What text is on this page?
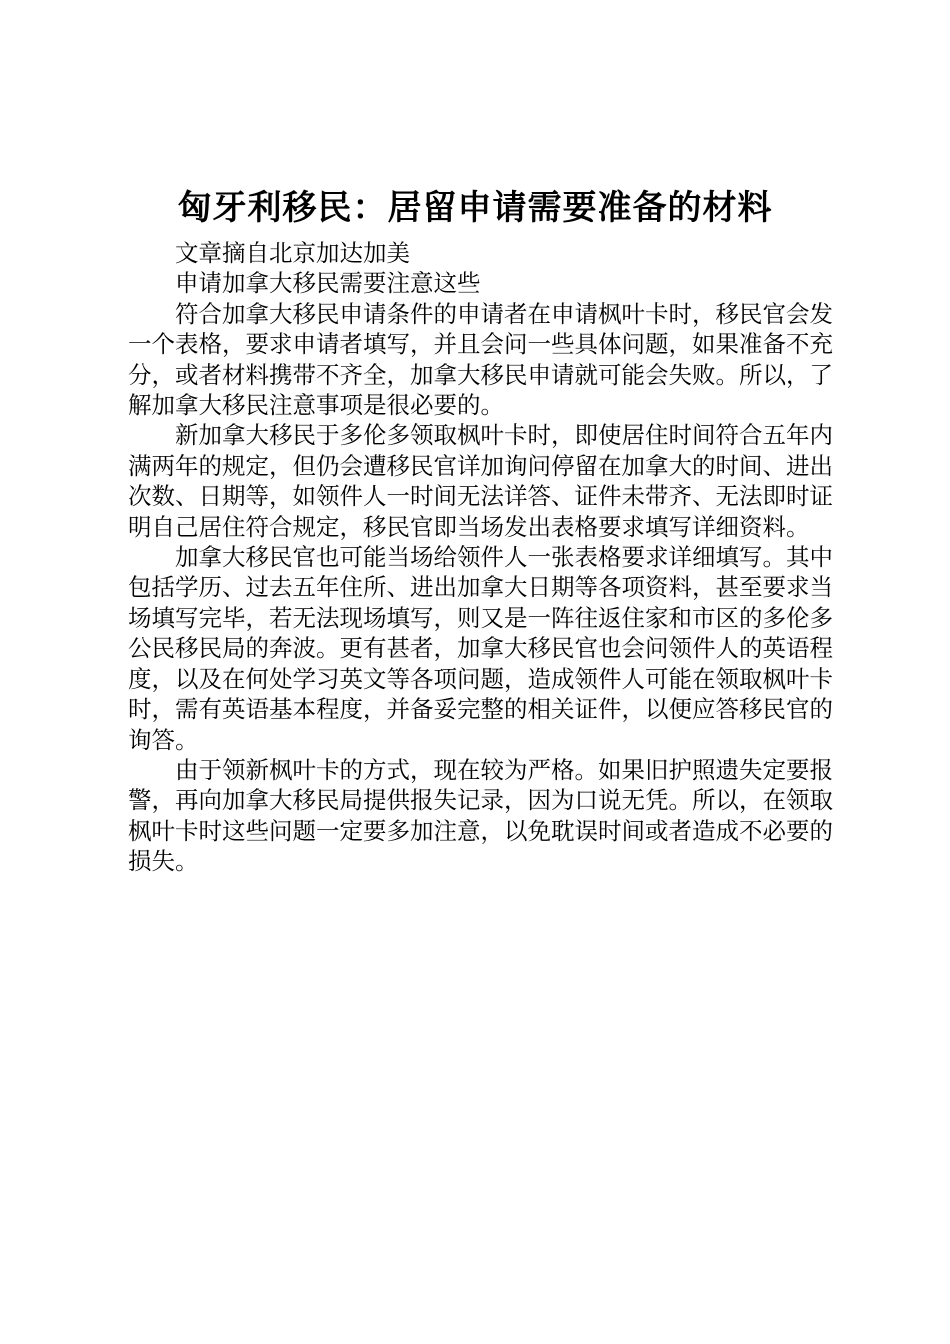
匈牙利移民：居留申请需要准备的材料

文章摘自北京加达加美

申请加拿大移民需要注意这些

符合加拿大移民申请条件的申请者在申请枫叶卡时，移民官会发一个表格，要求申请者填写，并且会问一些具体问题，如果准备不充分，或者材料携带不齐全，加拿大移民申请就可能会失败。所以，了解加拿大移民注意事项是很必要的。

新加拿大移民于多伦多领取枫叶卡时，即使居住时间符合五年内满两年的规定，但仍会遭移民官详加询问停留在加拿大的时间、进出次数、日期等，如领件人一时间无法详答、证件未带齐、无法即时证明自己居住符合规定，移民官即当场发出表格要求填写详细资料。

加拿大移民官也可能当场给领件人一张表格要求详细填写。其中包括学历、过去五年住所、进出加拿大日期等各项资料，甚至要求当场填写完毕，若无法现场填写，则又是一阵往返住家和市区的多伦多公民移民局的奔波。更有甚者，加拿大移民官也会问领件人的英语程度，以及在何处学习英文等各项问题，造成领件人可能在领取枫叶卡时，需有英语基本程度，并备妥完整的相关证件，以便应答移民官的询答。

由于领新枫叶卡的方式，现在较为严格。如果旧护照遗失定要报警，再向加拿大移民局提供报失记录，因为口说无凭。所以，在领取枫叶卡时这些问题一定要多加注意，以免耽误时间或者造成不必要的损失。
